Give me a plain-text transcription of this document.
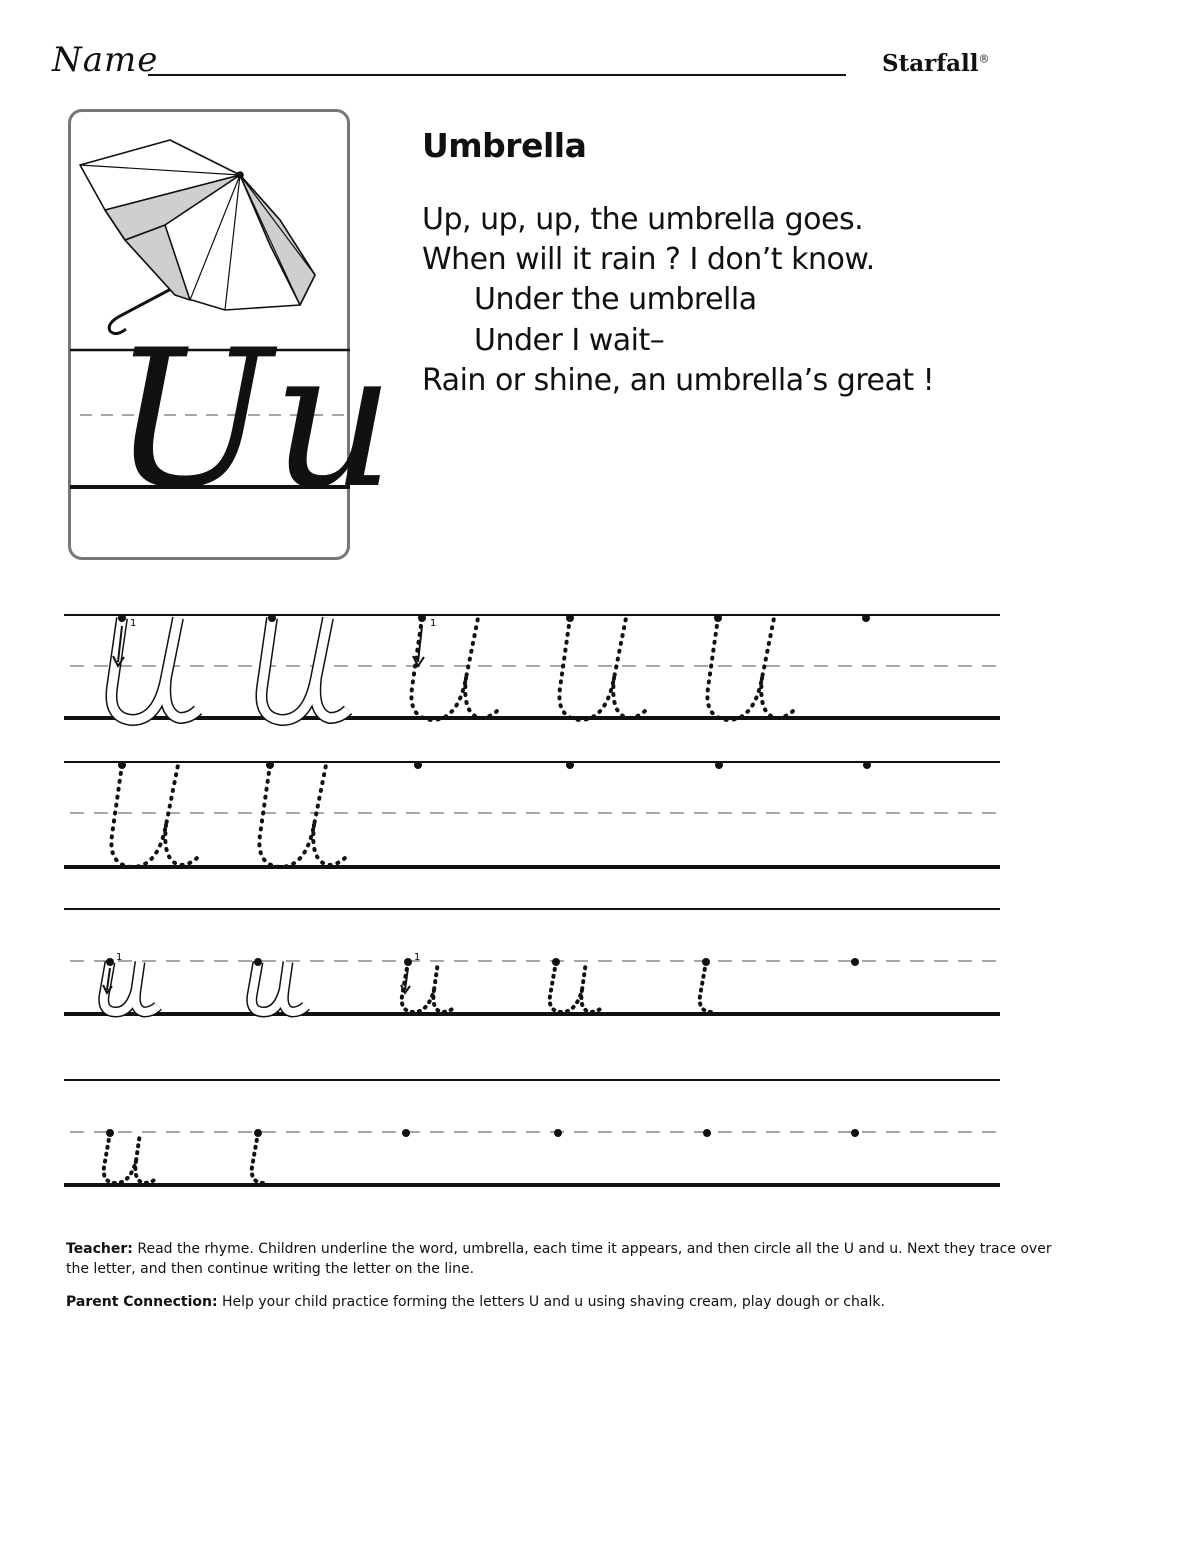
Name	Starfall®
Uu
Umbrella
Up, up, up, the umbrella goes.
When will it rain ? I don’t know.
Under the umbrella
Under I wait–
Rain or shine, an umbrella’s great !
1	1
1	1
Teacher: Read the rhyme. Children underline the word, umbrella, each time it appears, and then circle all the U and u. Next they trace over the letter, and then continue writing the letter on the line.
Parent Connection: Help your child practice forming the letters U and u using shaving cream, play dough or chalk.
